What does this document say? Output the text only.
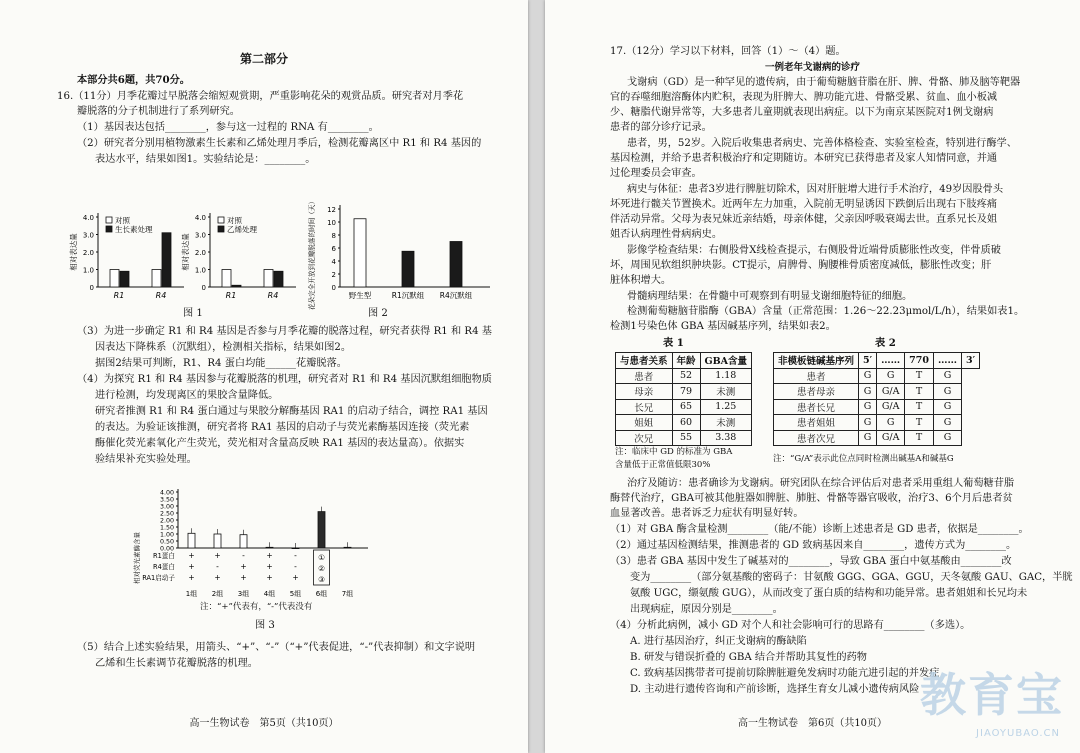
第二部分
本部分共6题，共70分。
16.（11分）月季花瓣过早脱落会缩短观赏期，严重影响花朵的观赏品质。研究者对月季花
瓣脱落的分子机制进行了系列研究。
（1）基因表达包括________，参与这一过程的 RNA 有________。
（2）研究者分别用植物激素生长素和乙烯处理月季后，检测花瓣离区中 R1 和 R4 基因的
表达水平，结果如图1。实验结论是：________。
0
1.0
2.0
3.0
4.0
相对表达量
R1	R4
对照
生长素处理
0
1.0
2.0
3.0
4.0
相对表达量
R1	R4
对照
乙烯处理
0
2
4
6
8
10
12
花朵完全开放到花瓣脱落的时间（天）	野生型	R1沉默组 R4沉默组
图 1	图 2
（3）为进一步确定 R1 和 R4 基因是否参与月季花瓣的脱落过程，研究者获得 R1 和 R4 基
因表达下降株系（沉默组），检测相关指标，结果如图2。
据图2结果可判断，R1、R4 蛋白均能______花瓣脱落。
（4）为探究 R1 和 R4 基因参与花瓣脱落的机理，研究者对 R1 和 R4 基因沉默组细胞物质
进行检测，均发现离区的果胶含量降低。
研究者推测 R1 和 R4 蛋白通过与果胶分解酶基因 RA1 的启动子结合，调控 RA1 基因
的表达。为验证该推测，研究者将 RA1 基因的启动子与荧光素酶基因连接（荧光素
酶催化荧光素氧化产生荧光，荧光相对含量高反映 RA1 基因的表达量高）。依据实
验结果补充实验处理。
0.00
0.50
1.00
1.50
2.00
2.50
3.00
3.50
4.00
相对荧光素酶含量
1组 2组 3组 4组 5组 6组 7组
R1蛋白 +	+	-	+	-
R4蛋白 +	-	+	+	-
RA1启动子 +	+	+	+	+
①
②
③
注：“+”代表有，“-”代表没有
图 3
（5）结合上述实验结果，用箭头、“+”、“-”（“+”代表促进，“-”代表抑制）和文字说明
乙烯和生长素调节花瓣脱落的机理。
高一生物试卷　第5页（共10页）
17.（12分）学习以下材料，回答（1）～（4）题。
一例老年戈谢病的诊疗
戈谢病（GD）是一种罕见的遗传病，由于葡萄糖脑苷脂在肝、脾、骨骼、肺及脑等靶器
官的吞噬细胞溶酶体内贮积，表现为肝脾大、脾功能亢进、骨骼受累、贫血、血小板减
少、糖脂代谢异常等，大多患者儿童期就表现出病症。以下为南京某医院对1例戈谢病
患者的部分诊疗记录。
患者，男，52岁。入院后收集患者病史、完善体格检查、实验室检查，特别进行酶学、
基因检测，并给予患者积极治疗和定期随访。本研究已获得患者及家人知情同意，并通
过伦理委员会审查。
病史与体征：患者3岁进行脾脏切除术，因对肝脏增大进行手术治疗，49岁因股骨头
坏死进行髋关节置换术。近两年左力加重，入院前无明显诱因下跌倒后出现右下肢疼痛
伴活动异常。父母为表兄妹近亲结婚，母亲体健，父亲因呼吸衰竭去世。直系兄长及姐
姐否认病理性骨病病史。
影像学检查结果：右侧股骨X线检查提示，右侧股骨近端骨质膨胀性改变，伴骨质破
坏，周围见软组织肿块影。CT提示，肩脾骨、胸腰椎骨质密度减低，膨胀性改变；肝
脏体积增大。
骨髓病理结果：在骨髓中可观察到有明显戈谢细胞特征的细胞。
检测葡萄糖脑苷脂酶（GBA）含量（正常范围：1.26～22.23μmol/L/h），结果如表1。
检测1号染色体 GBA 基因碱基序列，结果如表2。
表 1	表 2
与患者关系	年龄	GBA含量
患者	52	1.18
母亲	79	未测
长兄	65	1.25
姐姐	60	未测
次兄	55	3.38
非模板链碱基序列	5′	……	770	……	3′
患者	G	G	T	G	
患者母亲	G	G/A	T	G	
患者长兄	G	G/A	T	G	
患者姐姐	G	G	T	G	
患者次兄	G	G/A	T	G	
注：临床中 GD 的标准为 GBA
含量低于正常值低限30%
注：“G/A”表示此位点同时检测出碱基A和碱基G
治疗及随访：患者确诊为戈谢病。研究团队在综合评估后对患者采用重组人葡萄糖苷脂
酶替代治疗，GBA可被其他脏器如脾脏、肺脏、骨骼等器官吸收，治疗3、6个月后患者贫
血显著改善。患者诉乏力症状有明显好转。
（1）对 GBA 酶含量检测________（能/不能）诊断上述患者是 GD 患者，依据是________。
（2）通过基因检测结果，推测患者的 GD 致病基因来自________，遗传方式为________。
（3）患者 GBA 基因中发生了碱基对的________，导致 GBA 蛋白中氨基酸由________改
变为________（部分氨基酸的密码子：甘氨酸 GGG、GGA、GGU，天冬氨酸 GAU、GAC，半胱
氨酸 UGC，缬氨酸 GUG），从而改变了蛋白质的结构和功能异常。患者姐姐和长兄均未
出现病症，原因分别是________。
（4）分析此病例，减小 GD 对个人和社会影响可行的思路有________（多选）。
A. 进行基因治疗，纠正戈谢病的酶缺陷
B. 研发与错误折叠的 GBA 结合并帮助其复性的药物
C. 致病基因携带者可提前切除脾脏避免发病时功能亢进引起的并发症
D. 主动进行遗传咨询和产前诊断，选择生育女儿减小遗传病风险
高一生物试卷　第6页（共10页）
教育宝
JIAOYUBAO.CN
